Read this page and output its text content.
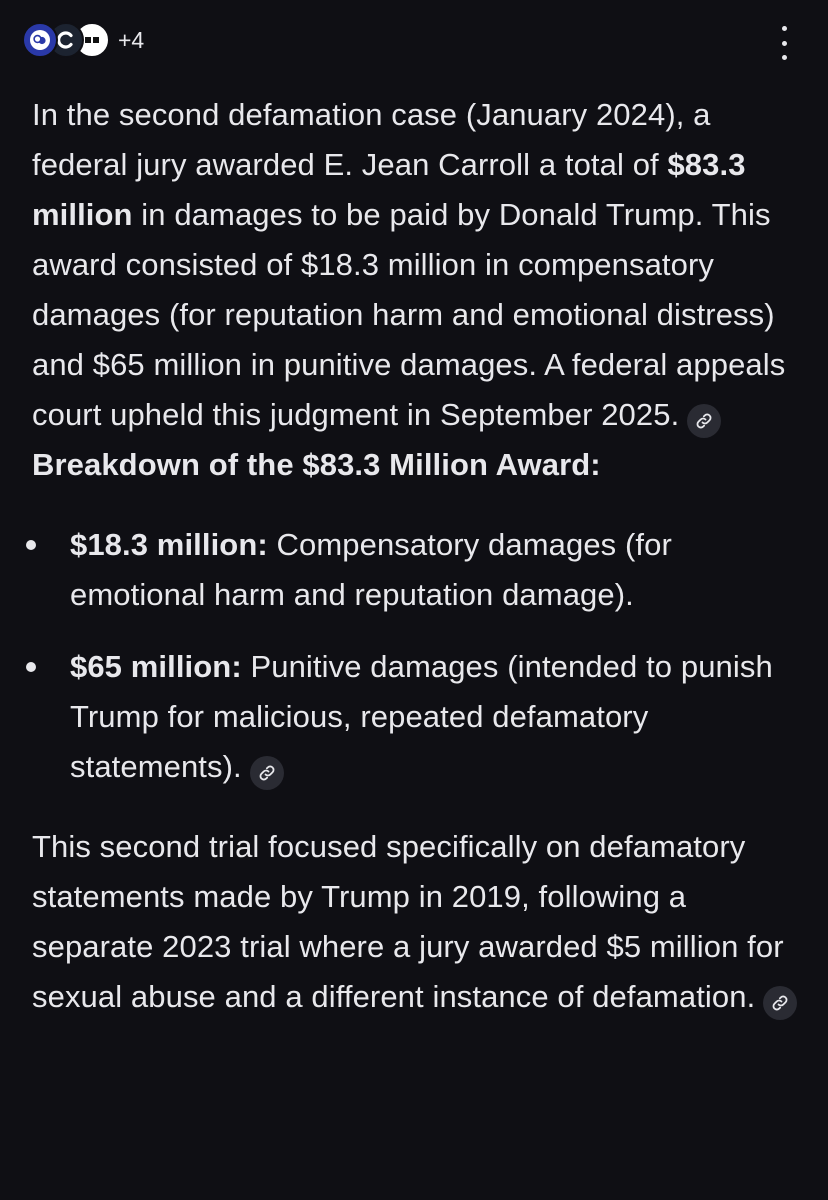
+4

In the second defamation case (January 2024), a federal jury awarded E. Jean Carroll a total of $83.3 million in damages to be paid by Donald Trump. This award consisted of $18.3 million in compensatory damages (for reputation harm and emotional distress) and $65 million in punitive damages. A federal appeals court upheld this judgment in September 2025.

Breakdown of the $83.3 Million Award:
$18.3 million: Compensatory damages (for emotional harm and reputation damage).
$65 million: Punitive damages (intended to punish Trump for malicious, repeated defamatory statements).

This second trial focused specifically on defamatory statements made by Trump in 2019, following a separate 2023 trial where a jury awarded $5 million for sexual abuse and a different instance of defamation.
